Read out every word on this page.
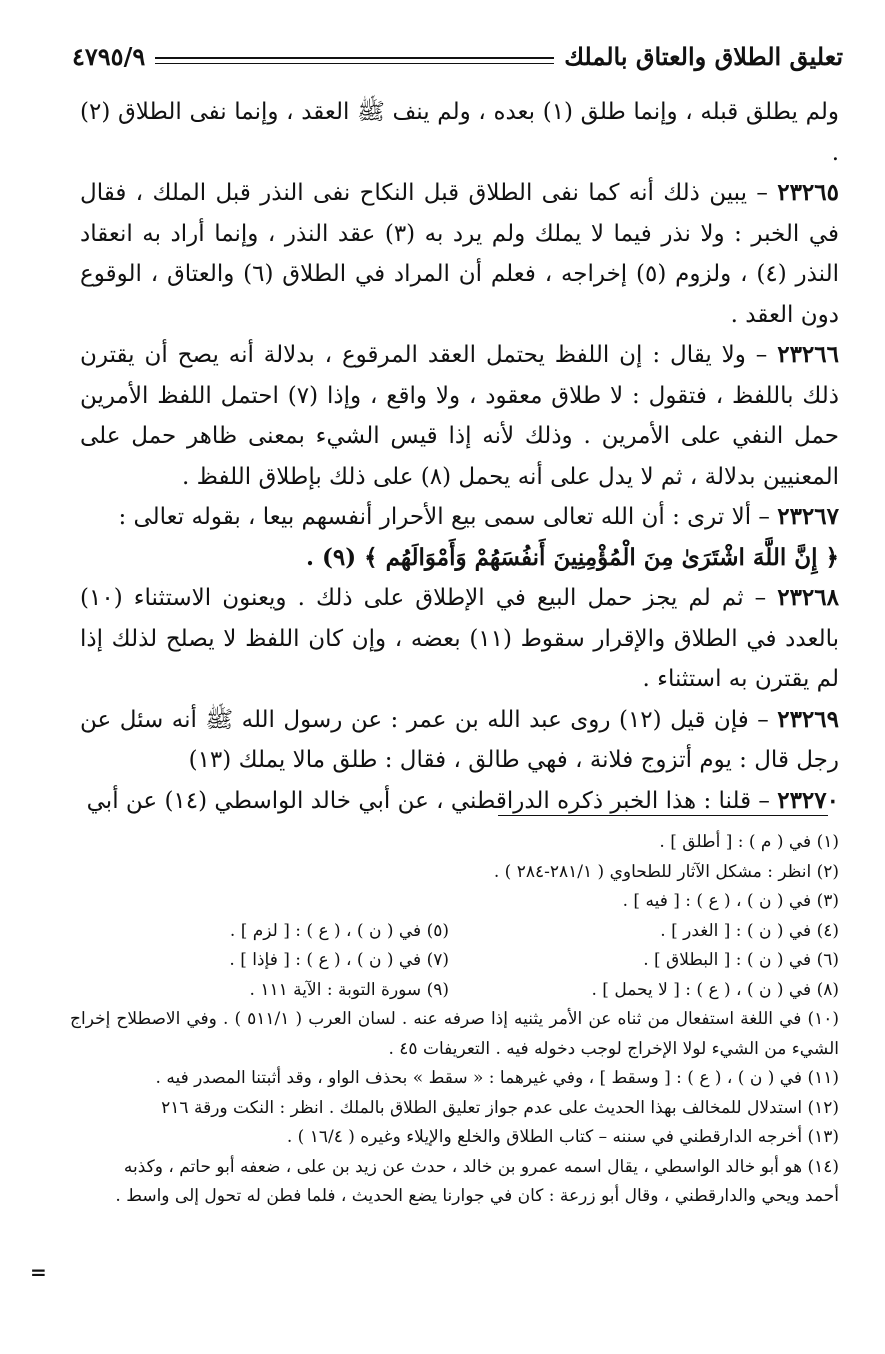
تعليق الطلاق والعتاق بالملك
٤٧٩٥/٩

ولم يطلق قبله ، وإنما طلق (١) بعده ، ولم ينف ﷺ العقد ، وإنما نفى الطلاق (٢) .

٢٣٢٦٥ – يبين ذلك أنه كما نفى الطلاق قبل النكاح نفى النذر قبل الملك ، فقال في الخبر : ولا نذر فيما لا يملك ولم يرد به (٣) عقد النذر ، وإنما أراد به انعقاد النذر (٤) ، ولزوم (٥) إخراجه ، فعلم أن المراد في الطلاق (٦) والعتاق ، الوقوع دون العقد .

٢٣٢٦٦ – ولا يقال : إن اللفظ يحتمل العقد المرقوع ، بدلالة أنه يصح أن يقترن ذلك باللفظ ، فتقول : لا طلاق معقود ، ولا واقع ، وإذا (٧) احتمل اللفظ الأمرين حمل النفي على الأمرين . وذلك لأنه إذا قيس الشيء بمعنى ظاهر حمل على المعنيين بدلالة ، ثم لا يدل على أنه يحمل (٨) على ذلك بإطلاق اللفظ .

٢٣٢٦٧ – ألا ترى : أن الله تعالى سمى بيع الأحرار أنفسهم بيعا ، بقوله تعالى :
﴿ إِنَّ اللَّهَ اشْتَرَىٰ مِنَ الْمُؤْمِنِينَ أَنفُسَهُمْ وَأَمْوَالَهُم ﴾ (٩) .

٢٣٢٦٨ – ثم لم يجز حمل البيع في الإطلاق على ذلك . ويعنون الاستثناء (١٠) بالعدد في الطلاق والإقرار سقوط (١١) بعضه ، وإن كان اللفظ لا يصلح لذلك إذا لم يقترن به استثناء .

٢٣٢٦٩ – فإن قيل (١٢) روى عبد الله بن عمر : عن رسول الله ﷺ أنه سئل عن رجل قال : يوم أتزوج فلانة ، فهي طالق ، فقال : طلق مالا يملك (١٣)

٢٣٢٧٠ – قلنا : هذا الخبر ذكره الدراقطني ، عن أبي خالد الواسطي (١٤) عن أبي

(١) في ( م ) : [ أطلق ] .
(٢) انظر : مشكل الآثار للطحاوي ( ٢٨١/١-٢٨٤ ) .
(٣) في ( ن ) ، ( ع ) : [ فيه ] .
(٤) في ( ن ) : [ الغدر ] .
(٥) في ( ن ) ، ( ع ) : [ لزم ] .
(٦) في ( ن ) : [ البطلاق ] .
(٧) في ( ن ) ، ( ع ) : [ فإذا ] .
(٨) في ( ن ) ، ( ع ) : [ لا يحمل ] .
(٩) سورة التوبة : الآية ١١١ .
(١٠) في اللغة استفعال من ثناه عن الأمر يثنيه إذا صرفه عنه . لسان العرب ( ٥١١/١ ) . وفي الاصطلاح إخراج الشيء من الشيء لولا الإخراج لوجب دخوله فيه . التعريفات ٤٥ .
(١١) في ( ن ) ، ( ع ) : [ وسقط ] ، وفي غيرهما : « سقط » بحذف الواو ، وقد أثبتنا المصدر فيه .
(١٢) استدلال للمخالف بهذا الحديث على عدم جواز تعليق الطلاق بالملك . انظر : النكت ورقة ٢١٦
(١٣) أخرجه الدارقطني في سننه – كتاب الطلاق والخلع والإيلاء وغيره ( ١٦/٤ ) .
(١٤) هو أبو خالد الواسطي ، يقال اسمه عمرو بن خالد ، حدث عن زيد بن على ، ضعفه أبو حاتم ، وكذبه
أحمد ويحي والدارقطني ، وقال أبو زرعة : كان في جوارنا يضع الحديث ، فلما فطن له تحول إلى واسط .
=
